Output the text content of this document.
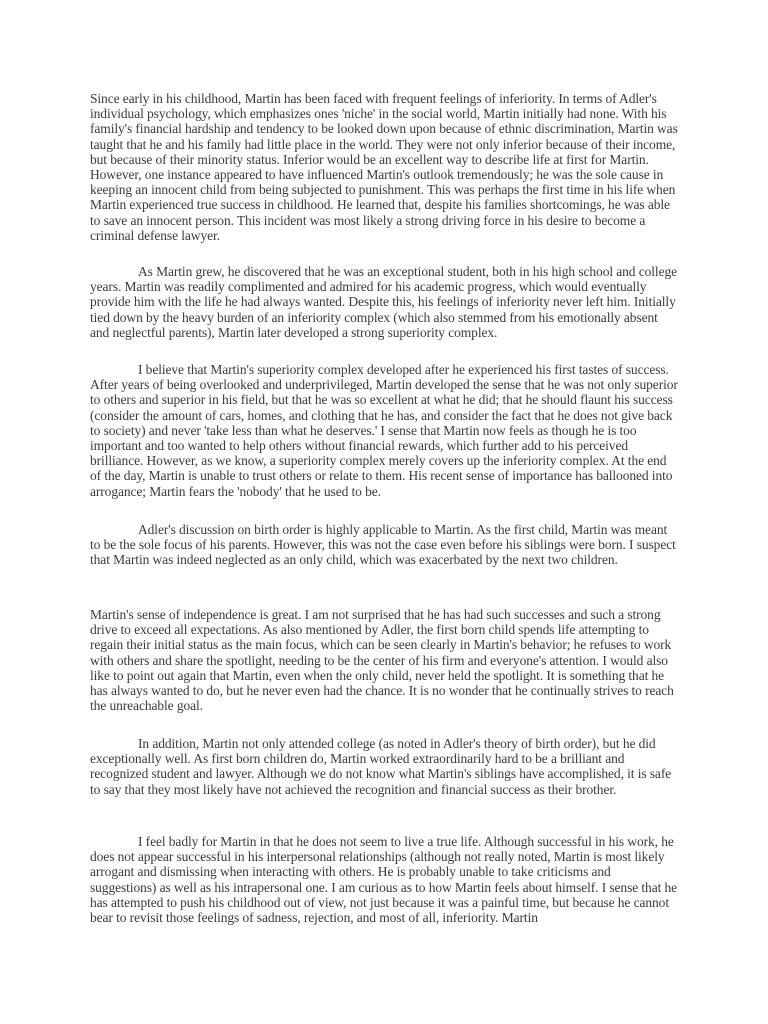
Since early in his childhood, Martin has been faced with frequent feelings of inferiority. In terms of Adler's individual psychology, which emphasizes ones 'niche' in the social world, Martin initially had none. With his family's financial hardship and tendency to be looked down upon because of ethnic discrimination, Martin was taught that he and his family had little place in the world. They were not only inferior because of their income, but because of their minority status. Inferior would be an excellent way to describe life at first for Martin. However, one instance appeared to have influenced Martin's outlook tremendously; he was the sole cause in keeping an innocent child from being subjected to punishment. This was perhaps the first time in his life when Martin experienced true success in childhood. He learned that, despite his families shortcomings, he was able to save an innocent person. This incident was most likely a strong driving force in his desire to become a criminal defense lawyer.

As Martin grew, he discovered that he was an exceptional student, both in his high school and college years. Martin was readily complimented and admired for his academic progress, which would eventually provide him with the life he had always wanted. Despite this, his feelings of inferiority never left him. Initially tied down by the heavy burden of an inferiority complex (which also stemmed from his emotionally absent and neglectful parents), Martin later developed a strong superiority complex.

I believe that Martin's superiority complex developed after he experienced his first tastes of success. After years of being overlooked and underprivileged, Martin developed the sense that he was not only superior to others and superior in his field, but that he was so excellent at what he did; that he should flaunt his success (consider the amount of cars, homes, and clothing that he has, and consider the fact that he does not give back to society) and never 'take less than what he deserves.' I sense that Martin now feels as though he is too important and too wanted to help others without financial rewards, which further add to his perceived brilliance. However, as we know, a superiority complex merely covers up the inferiority complex. At the end of the day, Martin is unable to trust others or relate to them. His recent sense of importance has ballooned into arrogance; Martin fears the 'nobody' that he used to be.

Adler's discussion on birth order is highly applicable to Martin. As the first child, Martin was meant to be the sole focus of his parents. However, this was not the case even before his siblings were born. I suspect that Martin was indeed neglected as an only child, which was exacerbated by the next two children.

Martin's sense of independence is great. I am not surprised that he has had such successes and such a strong drive to exceed all expectations. As also mentioned by Adler, the first born child spends life attempting to regain their initial status as the main focus, which can be seen clearly in Martin's behavior; he refuses to work with others and share the spotlight, needing to be the center of his firm and everyone's attention. I would also like to point out again that Martin, even when the only child, never held the spotlight. It is something that he has always wanted to do, but he never even had the chance. It is no wonder that he continually strives to reach the unreachable goal.

In addition, Martin not only attended college (as noted in Adler's theory of birth order), but he did exceptionally well. As first born children do, Martin worked extraordinarily hard to be a brilliant and recognized student and lawyer. Although we do not know what Martin's siblings have accomplished, it is safe to say that they most likely have not achieved the recognition and financial success as their brother.

I feel badly for Martin in that he does not seem to live a true life. Although successful in his work, he does not appear successful in his interpersonal relationships (although not really noted, Martin is most likely arrogant and dismissing when interacting with others. He is probably unable to take criticisms and suggestions) as well as his intrapersonal one. I am curious as to how Martin feels about himself. I sense that he has attempted to push his childhood out of view, not just because it was a painful time, but because he cannot bear to revisit those feelings of sadness, rejection, and most of all, inferiority. Martin
